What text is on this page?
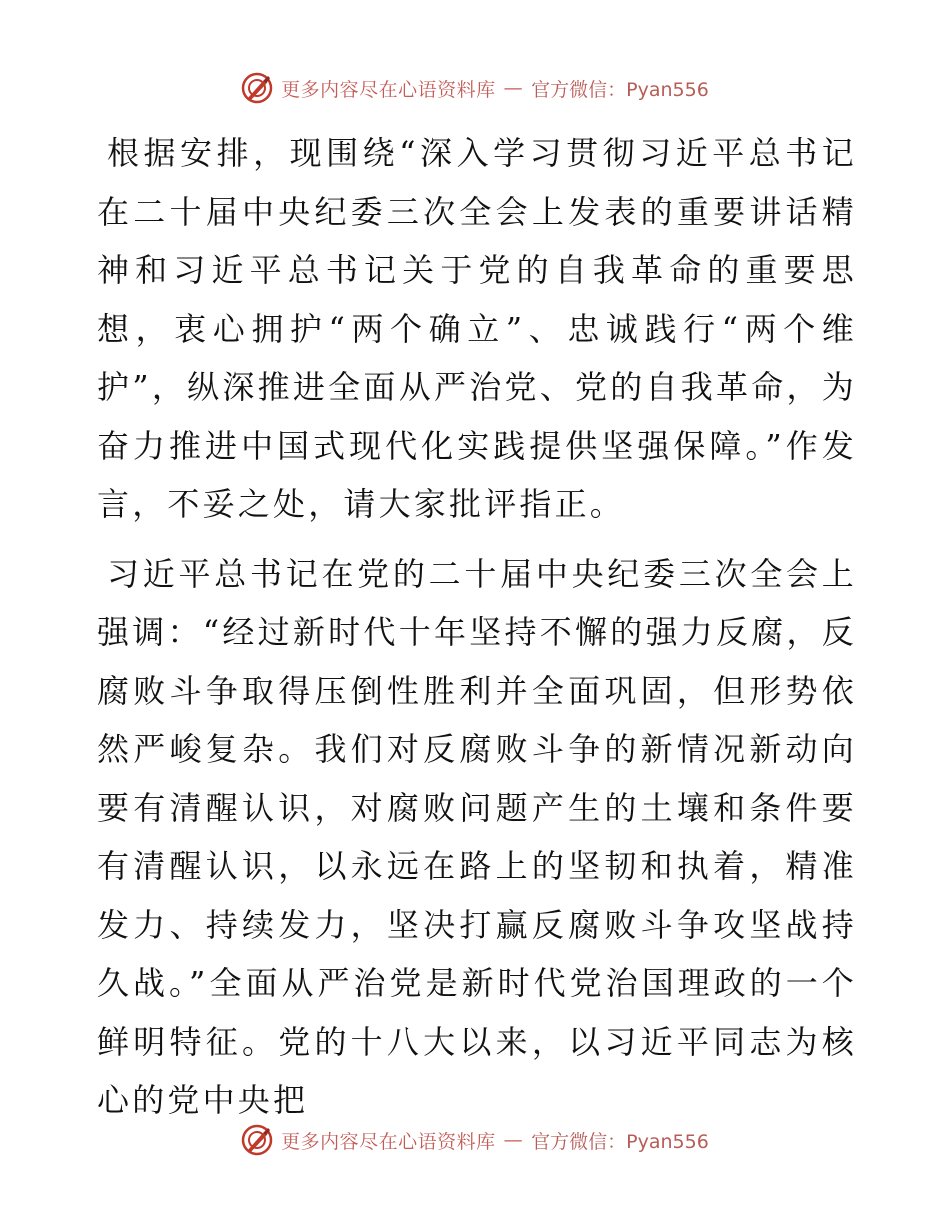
更多内容尽在心语资料库 — 官方微信：Pyan556

根据安排，现围绕“深入学习贯彻习近平总书记在二十届中央纪委三次全会上发表的重要讲话精神和习近平总书记关于党的自我革命的重要思想，衷心拥护“两个确立”、忠诚践行“两个维护”，纵深推进全面从严治党、党的自我革命，为奋力推进中国式现代化实践提供坚强保障。”作发言，不妥之处，请大家批评指正。

习近平总书记在党的二十届中央纪委三次全会上强调：“经过新时代十年坚持不懈的强力反腐，反腐败斗争取得压倒性胜利并全面巩固，但形势依然严峻复杂。我们对反腐败斗争的新情况新动向要有清醒认识，对腐败问题产生的土壤和条件要有清醒认识，以永远在路上的坚韧和执着，精准发力、持续发力，坚决打赢反腐败斗争攻坚战持久战。”全面从严治党是新时代党治国理政的一个鲜明特征。党的十八大以来，以习近平同志为核心的党中央把

更多内容尽在心语资料库 — 官方微信：Pyan556
